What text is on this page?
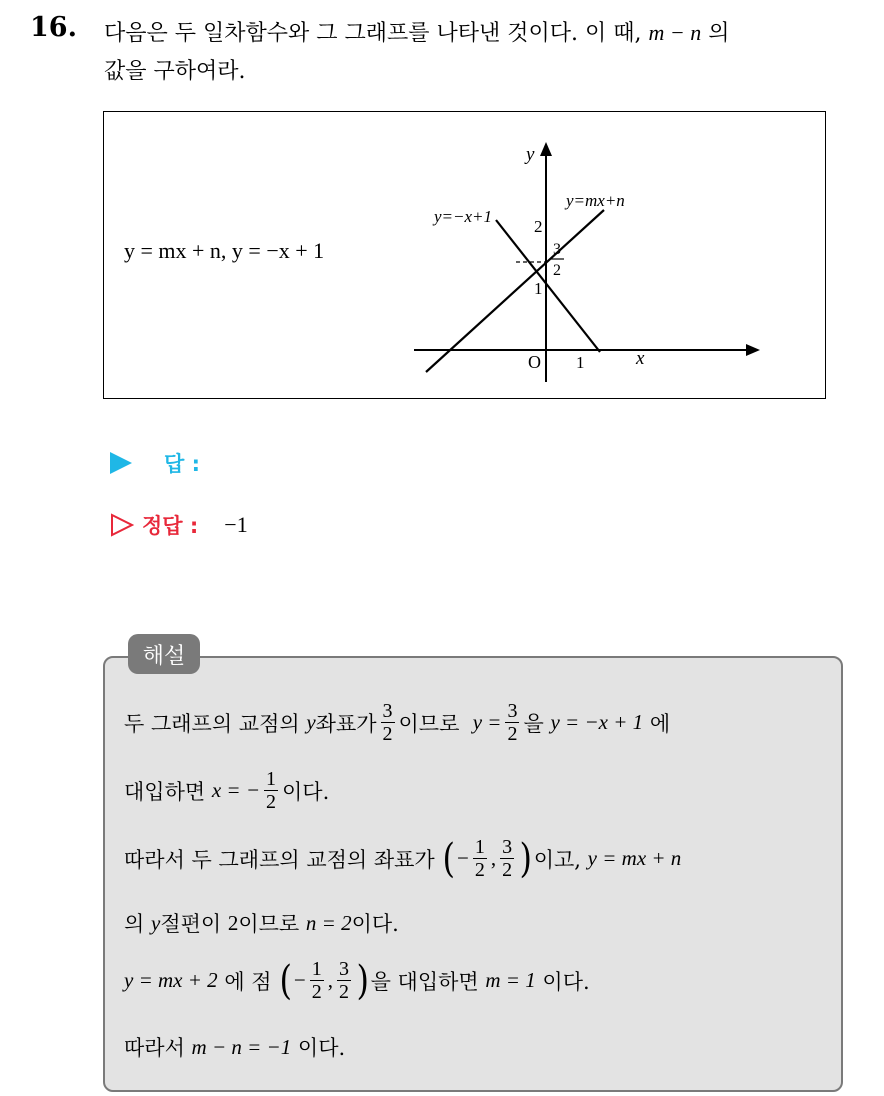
16. 다음은 두 일차함수와 그 그래프를 나타낸 것이다. 이 때, m − n 의
값을 구하여라.
y = mx + n, y = −x + 1
y
x
O
y=−x+1
y=mx+n
2
1
1
3
2
답 :
정답 : −1
해설
두 그래프의 교점의
y 좌표가 $\frac{3}{2}$ 이므로
$y = \frac{3}{2}$ 을
y = −x + 1
에
대입하면
x = − $\frac{1}{2}$ 이다.
따라서 두 그래프의 교점의 좌표가
( − $\frac{1}{2}$ , $\frac{3}{2}$ ) 이고,
y = mx + n
의
y 절편이
2 이므로
n = 2 이다.
y = mx + 2
에 점
( − $\frac{1}{2}$ , $\frac{3}{2}$ ) 을 대입하면
m = 1
이다.
따라서
m − n = −1
이다.
